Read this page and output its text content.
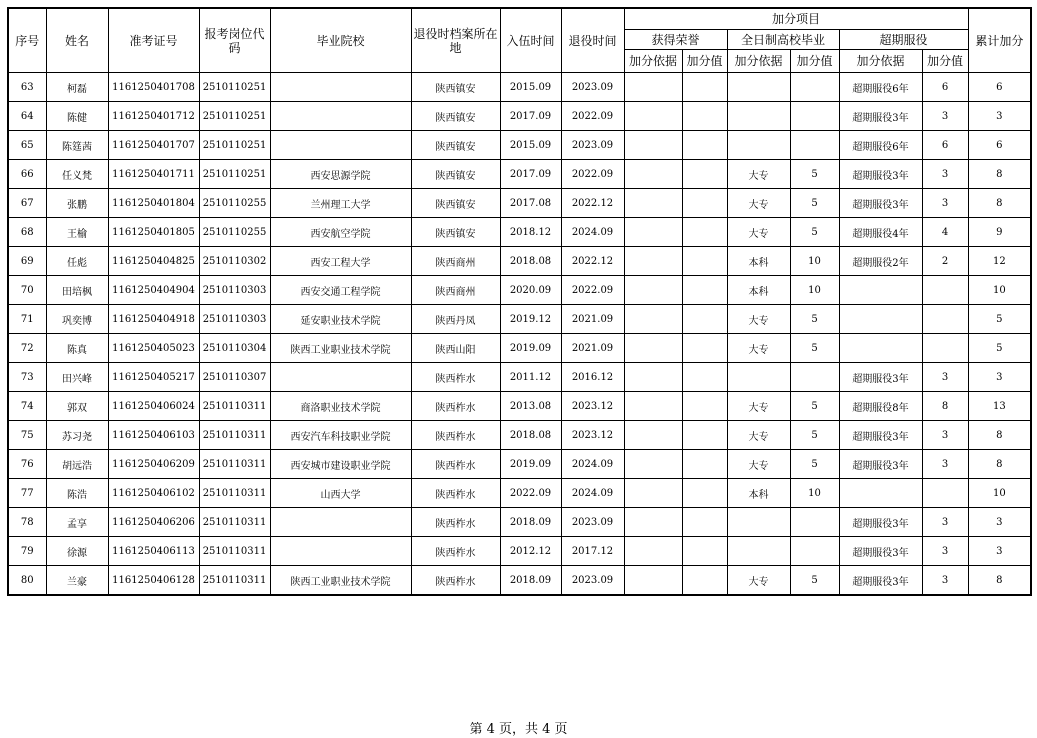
序号	姓名	准考证号	报考岗位代码	毕业院校	退役时档案所在地	入伍时间	退役时间	加分项目						累计加分
								获得荣誉		全日制高校毕业		超期服役		
								加分依据	加分值	加分依据	加分值	加分依据	加分值	
63	柯磊	1161250401708	2510110251		陕西镇安	2015.09	2023.09					超期服役6年	6	6
64	陈健	1161250401712	2510110251		陕西镇安	2017.09	2022.09					超期服役3年	3	3
65	陈筳茜	1161250401707	2510110251		陕西镇安	2015.09	2023.09					超期服役6年	6	6
66	任义梵	1161250401711	2510110251	西安思源学院	陕西镇安	2017.09	2022.09			大专	5	超期服役3年	3	8
67	张鹏	1161250401804	2510110255	兰州理工大学	陕西镇安	2017.08	2022.12			大专	5	超期服役3年	3	8
68	王榆	1161250401805	2510110255	西安航空学院	陕西镇安	2018.12	2024.09			大专	5	超期服役4年	4	9
69	任彪	1161250404825	2510110302	西安工程大学	陕西商州	2018.08	2022.12			本科	10	超期服役2年	2	12
70	田培枫	1161250404904	2510110303	西安交通工程学院	陕西商州	2020.09	2022.09			本科	10			10
71	巩奕博	1161250404918	2510110303	延安职业技术学院	陕西丹凤	2019.12	2021.09			大专	5			5
72	陈真	1161250405023	2510110304	陕西工业职业技术学院	陕西山阳	2019.09	2021.09			大专	5			5
73	田兴峰	1161250405217	2510110307		陕西柞水	2011.12	2016.12					超期服役3年	3	3
74	郭双	1161250406024	2510110311	商洛职业技术学院	陕西柞水	2013.08	2023.12			大专	5	超期服役8年	8	13
75	苏习尧	1161250406103	2510110311	西安汽车科技职业学院	陕西柞水	2018.08	2023.12			大专	5	超期服役3年	3	8
76	胡远浩	1161250406209	2510110311	西安城市建设职业学院	陕西柞水	2019.09	2024.09			大专	5	超期服役3年	3	8
77	陈浩	1161250406102	2510110311	山西大学	陕西柞水	2022.09	2024.09			本科	10			10
78	孟享	1161250406206	2510110311		陕西柞水	2018.09	2023.09					超期服役3年	3	3
79	徐源	1161250406113	2510110311		陕西柞水	2012.12	2017.12					超期服役3年	3	3
80	兰豪	1161250406128	2510110311	陕西工业职业技术学院	陕西柞水	2018.09	2023.09			大专	5	超期服役3年	3	8
第 4 页，共 4 页
